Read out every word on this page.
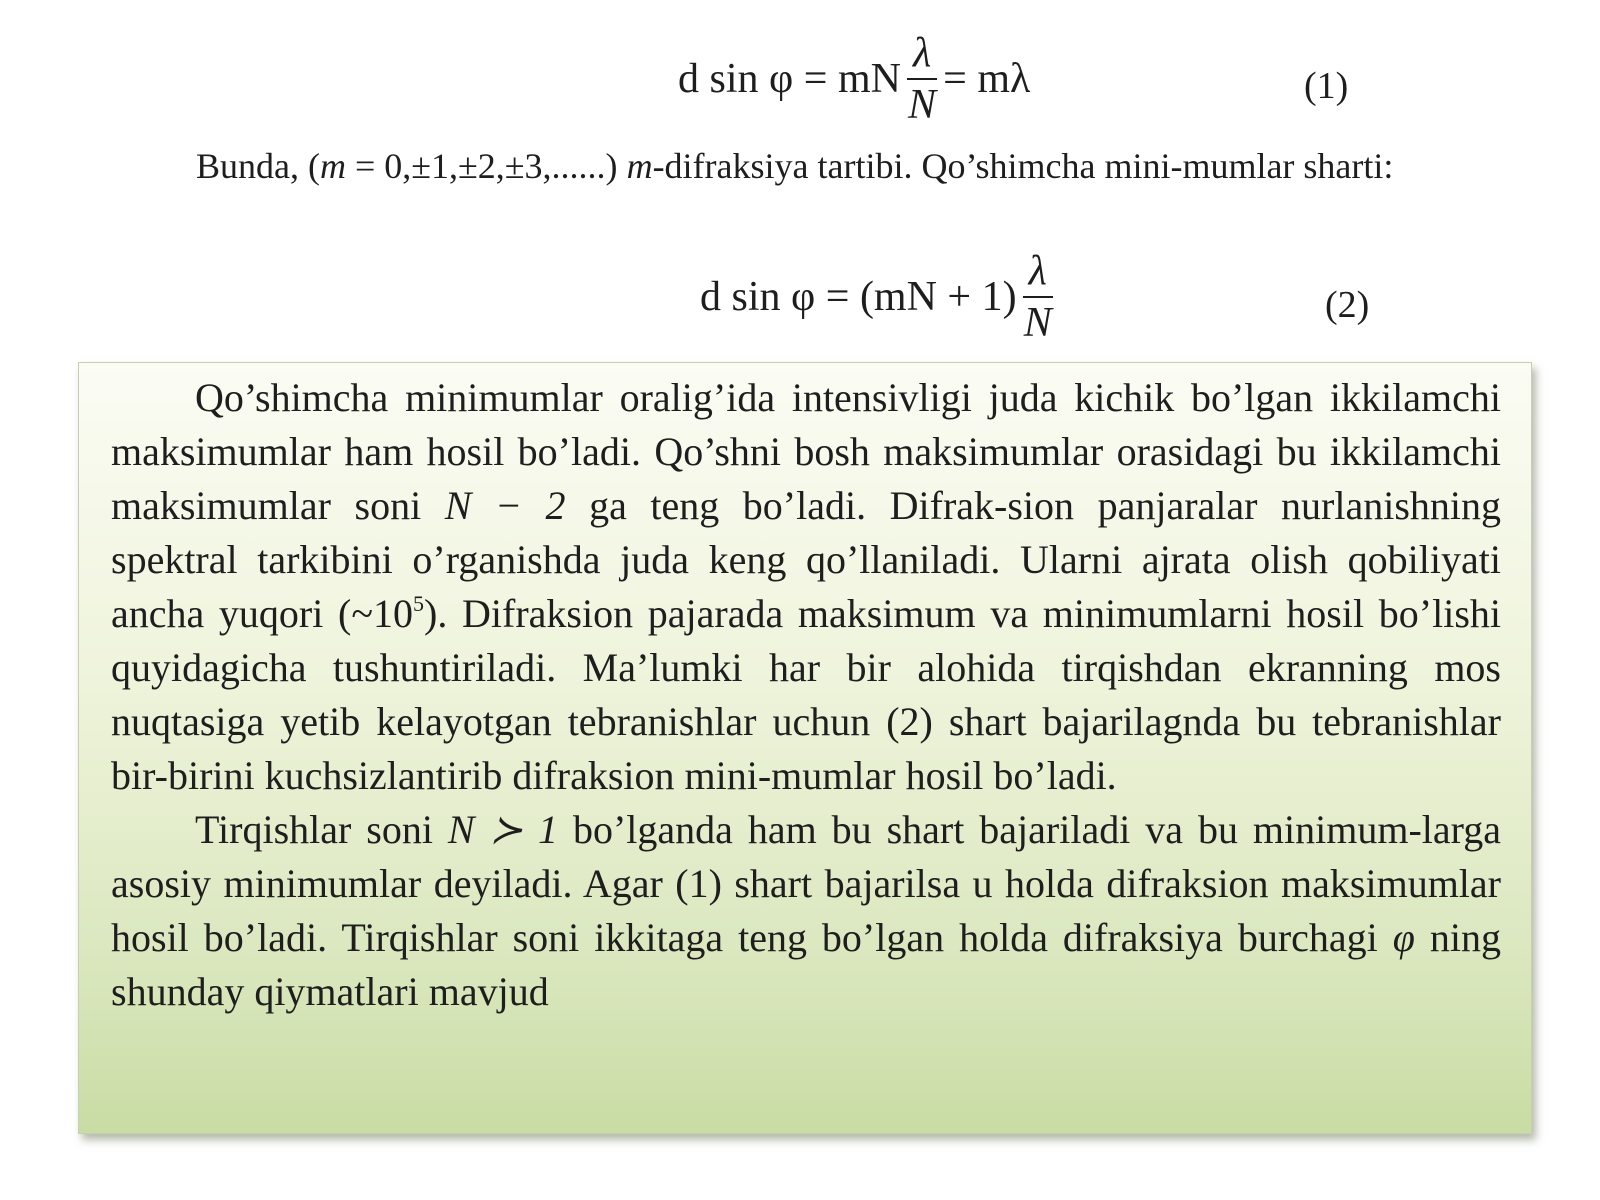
d sin φ = mN $\frac{\lambda}{N} = m\lambda$	(1)
Bunda, (m = 0,±1,±2,±3,......) m-difraksiya tartibi. Qo’shimcha mini-mumlar sharti:
d $\sin \varphi = (mN + 1) \frac{\lambda}{N}$	(2)

Qo’shimcha minimumlar oralig’ida intensivligi juda kichik bo’lgan ikkilamchi maksimumlar ham hosil bo’ladi. Qo’shni bosh maksimumlar orasidagi bu ikkilamchi maksimumlar soni N − 2 ga teng bo’ladi. Difrak-sion panjaralar nurlanishning spektral tarkibini o’rganishda juda keng qo’llaniladi. Ularni ajrata olish qobiliyati ancha yuqori $(\sim 10^5)$. Difraksion pajarada maksimum va minimumlarni hosil bo’lishi quyidagicha tushuntiriladi. Ma’lumki har bir alohida tirqishdan ekranning mos nuqtasiga yetib kelayotgan tebranishlar uchun (2) shart bajarilagnda bu tebranishlar bir-birini kuchsizlantirib difraksion mini-mumlar hosil bo’ladi.

Tirqishlar soni N ≻ 1 bo’lganda ham bu shart bajariladi va bu minimum-larga asosiy minimumlar deyiladi. Agar (1) shart bajarilsa u holda difraksion maksimumlar hosil bo’ladi. Tirqishlar soni ikkitaga teng bo’lgan holda difraksiya burchagi φ ning shunday qiymatlari mavjud
